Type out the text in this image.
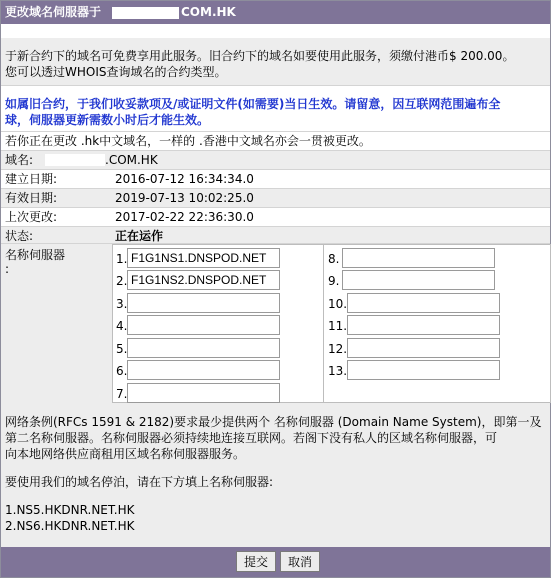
更改域名伺服器于	COM.HK
于新合约下的域名可免费享用此服务。旧合约下的域名如要使用此服务，须缴付港币$ 200.00。
您可以透过WHOIS查询域名的合约类型。
如属旧合约，于我们收妥款项及/或证明文件(如需要)当日生效。请留意，因互联网范围遍布全
球，伺服器更新需数小时后才能生效。
若你正在更改 .hk中文域名，一样的 .香港中文域名亦会一贯被更改。
域名:	.COM.HK
建立日期:	2016-07-12 16:34:34.0
有效日期:	2019-07-13 10:02:25.0
上次更改:	2017-02-22 22:36:30.0
状态:	正在运作
名称伺服器
:
1.
F1G1NS1.DNSPOD.NET
2.
F1G1NS2.DNSPOD.NET
3.
4.
5.
6.
7.
8.
9.
10.
11.
12.
13.
网络条例(RFCs 1591 & 2182)要求最少提供两个 名称伺服器 (Domain Name System)，即第一及
第二名称伺服器。名称伺服器必须持续地连接互联网。若阁下没有私人的区域名称伺服器，可
向本地网络供应商租用区域名称伺服器服务。
要使用我们的域名停泊，请在下方填上名称伺服器:
1.NS5.HKDNR.NET.HK
2.NS6.HKDNR.NET.HK
提交	取消
